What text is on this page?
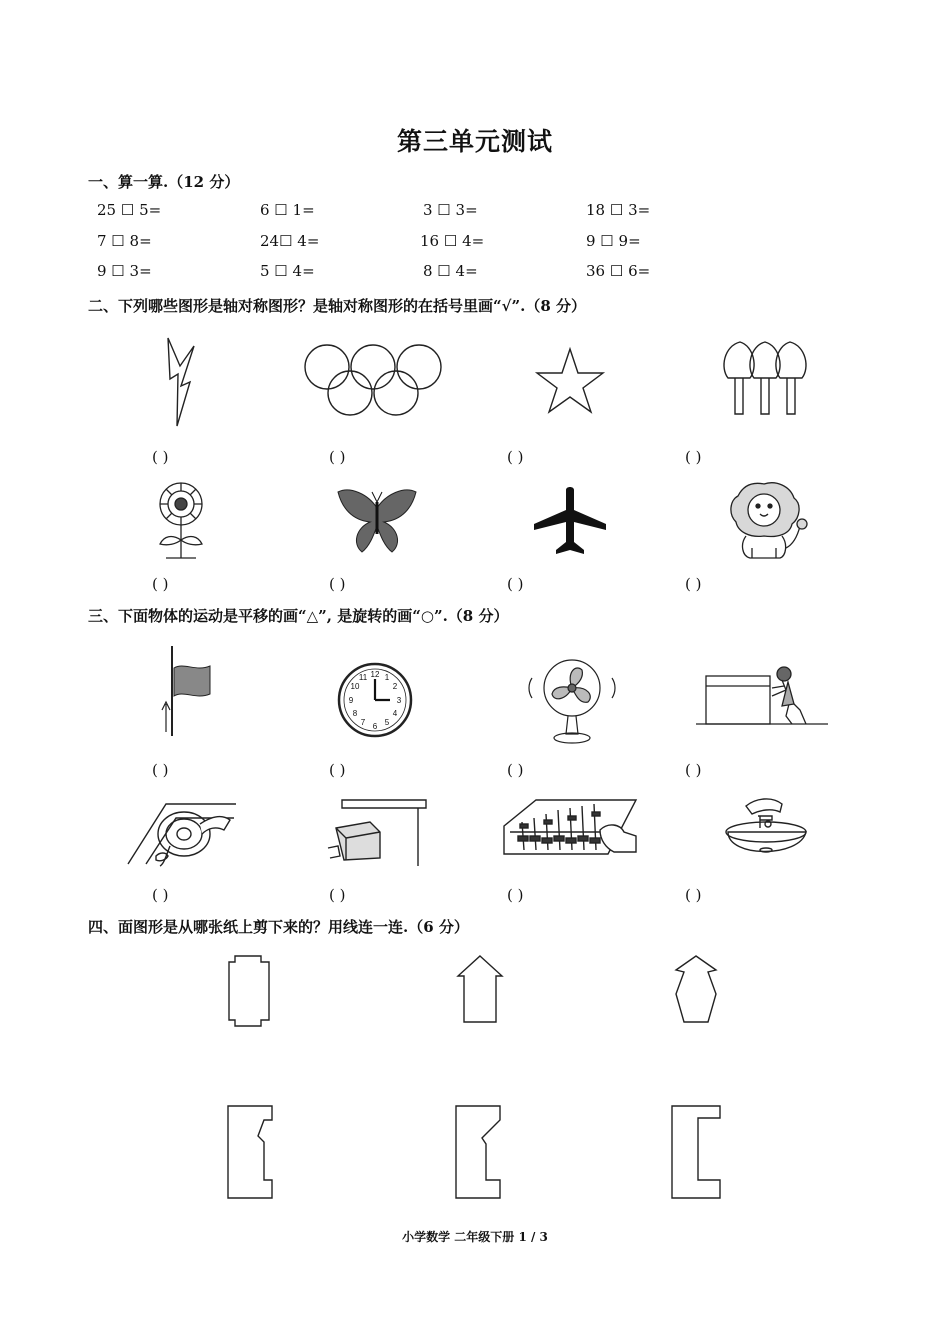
第三单元测试
一、算一算.（12 分）
25 ☐ 5=	6 ☐ 1=	3 ☐ 3=	18 ☐ 3=
7 ☐ 8=	24☐ 4=	16 ☐ 4=	9 ☐ 9=
9 ☐ 3=	5 ☐ 4=	8 ☐ 4=	36 ☐ 6=
二、下列哪些图形是轴对称图形？是轴对称图形的在括号里画“√”.（8 分）
( )	( )	( )	( )
( )	( )	( )	( )
三、下面物体的运动是平移的画“△”, 是旋转的画“○”.（8 分）
12 1
2
3
4
5
6
7
8
9
10
11
( )	( )	( )	( )
( )	( )	( )	( )
四、面图形是从哪张纸上剪下来的？用线连一连.（6 分）
小学数学 二年级下册 1 / 3
